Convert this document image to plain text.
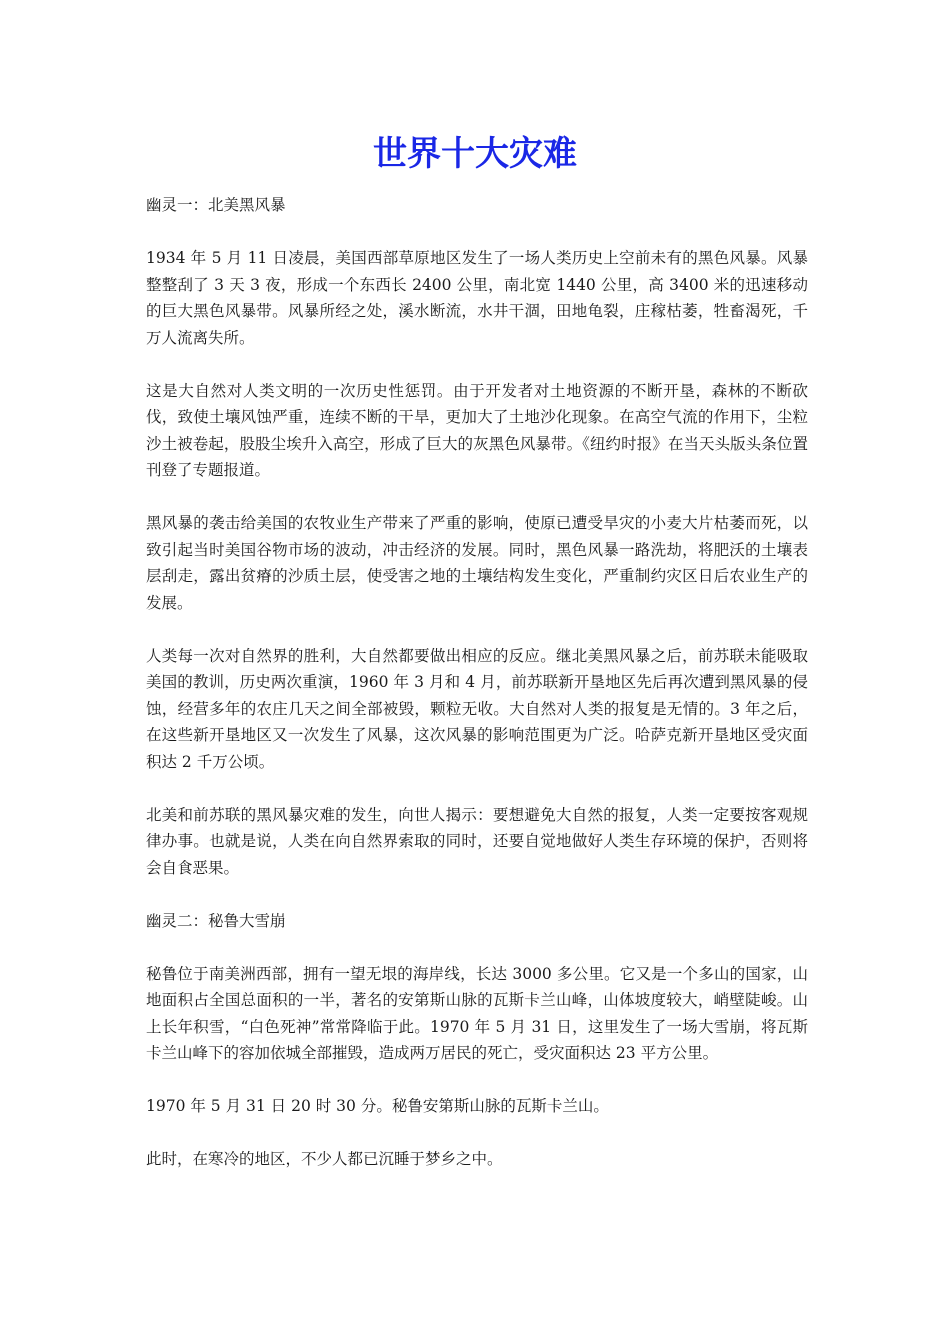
世界十大灾难

幽灵一：北美黑风暴

1934 年 5 月 11 日凌晨，美国西部草原地区发生了一场人类历史上空前未有的黑色风暴。风暴整整刮了 3 天 3 夜，形成一个东西长 2400 公里，南北宽 1440 公里，高 3400 米的迅速移动的巨大黑色风暴带。风暴所经之处，溪水断流，水井干涸，田地龟裂，庄稼枯萎，牲畜渴死，千万人流离失所。

这是大自然对人类文明的一次历史性惩罚。由于开发者对土地资源的不断开垦，森林的不断砍伐，致使土壤风蚀严重，连续不断的干旱，更加大了土地沙化现象。在高空气流的作用下，尘粒沙土被卷起，股股尘埃升入高空，形成了巨大的灰黑色风暴带。《纽约时报》在当天头版头条位置刊登了专题报道。

黑风暴的袭击给美国的农牧业生产带来了严重的影响，使原已遭受旱灾的小麦大片枯萎而死，以致引起当时美国谷物市场的波动，冲击经济的发展。同时，黑色风暴一路洗劫，将肥沃的土壤表层刮走，露出贫瘠的沙质土层，使受害之地的土壤结构发生变化，严重制约灾区日后农业生产的发展。

人类每一次对自然界的胜利，大自然都要做出相应的反应。继北美黑风暴之后，前苏联未能吸取美国的教训，历史两次重演，1960 年 3 月和 4 月，前苏联新开垦地区先后再次遭到黑风暴的侵蚀，经营多年的农庄几天之间全部被毁，颗粒无收。大自然对人类的报复是无情的。3 年之后，在这些新开垦地区又一次发生了风暴，这次风暴的影响范围更为广泛。哈萨克新开垦地区受灾面积达 2 千万公顷。

北美和前苏联的黑风暴灾难的发生，向世人揭示：要想避免大自然的报复，人类一定要按客观规律办事。也就是说，人类在向自然界索取的同时，还要自觉地做好人类生存环境的保护，否则将会自食恶果。

幽灵二：秘鲁大雪崩

秘鲁位于南美洲西部，拥有一望无垠的海岸线，长达 3000 多公里。它又是一个多山的国家，山地面积占全国总面积的一半，著名的安第斯山脉的瓦斯卡兰山峰，山体坡度较大，峭壁陡峻。山上长年积雪，“白色死神”常常降临于此。1970 年 5 月 31 日，这里发生了一场大雪崩，将瓦斯卡兰山峰下的容加依城全部摧毁，造成两万居民的死亡，受灾面积达 23 平方公里。

1970 年 5 月 31 日 20 时 30 分。秘鲁安第斯山脉的瓦斯卡兰山。

此时，在寒冷的地区，不少人都已沉睡于梦乡之中。
